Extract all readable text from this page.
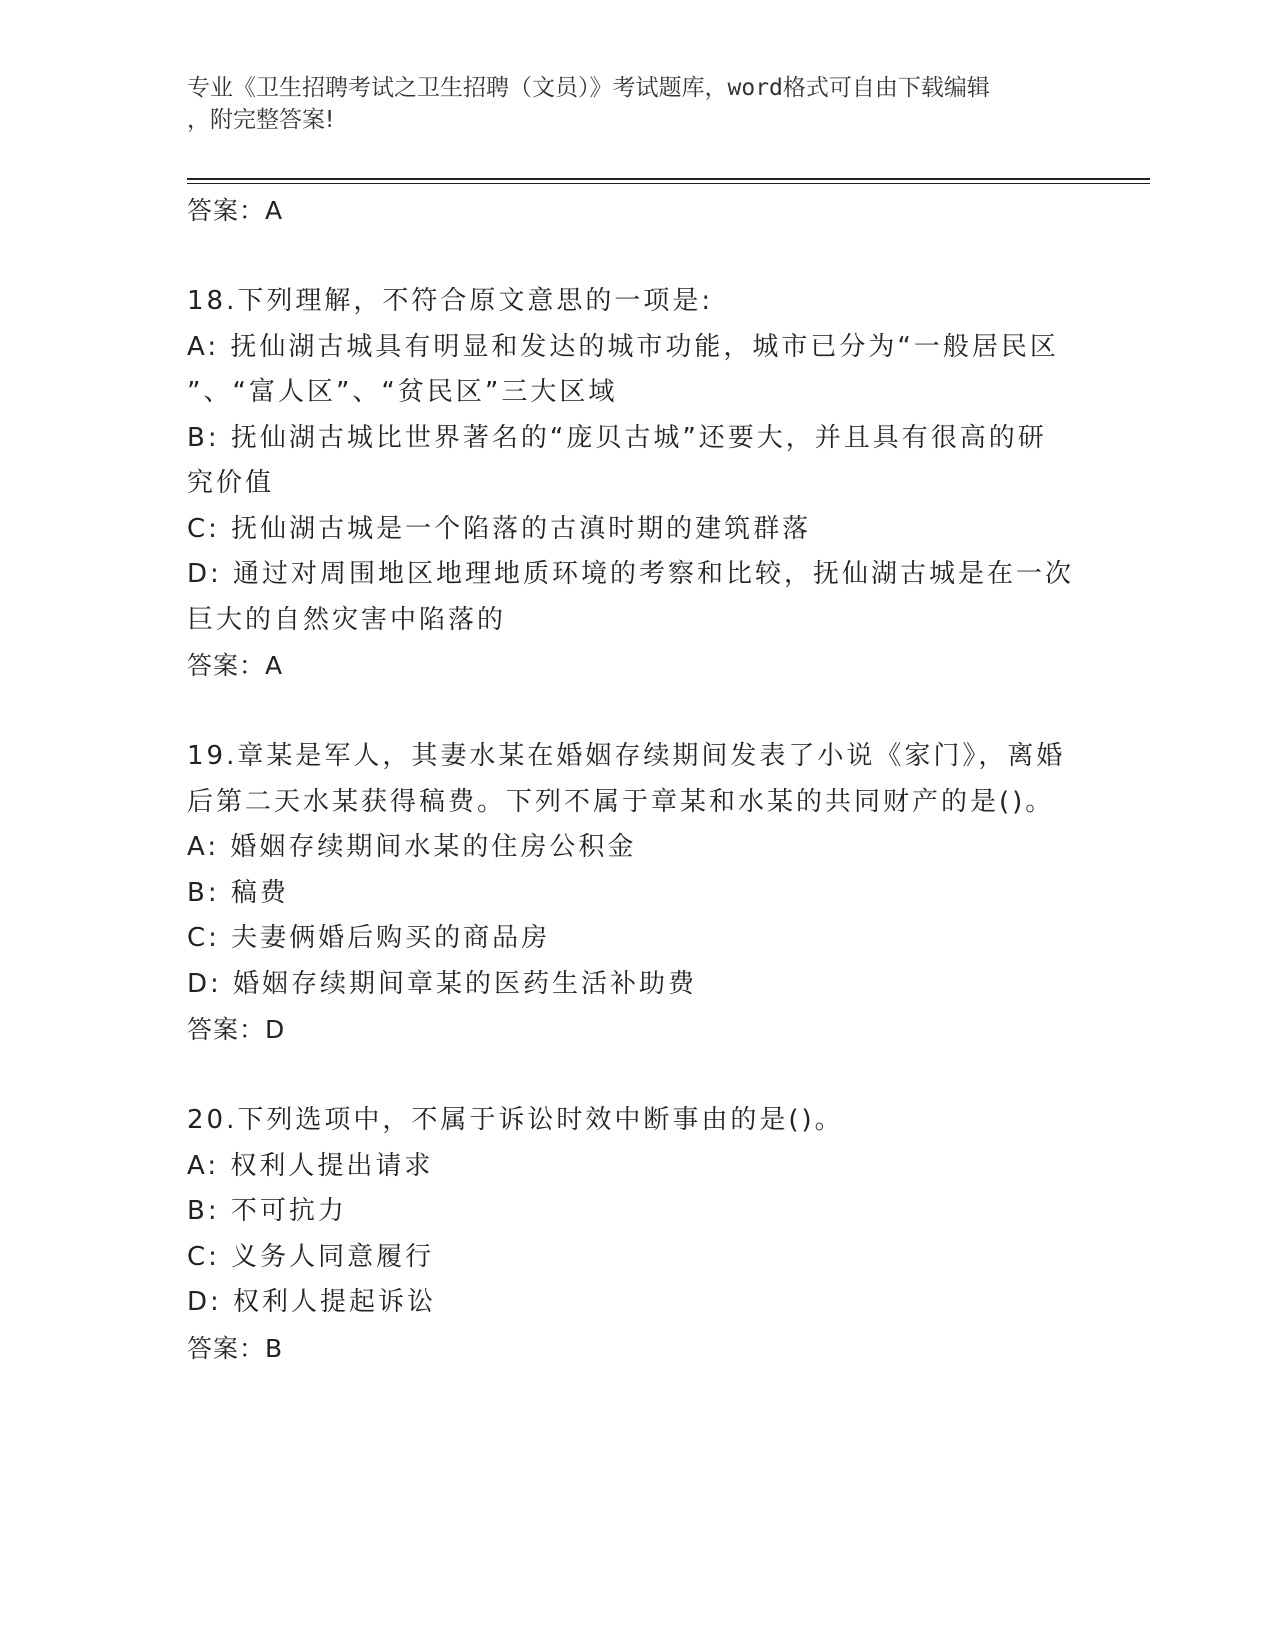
专业《卫生招聘考试之卫生招聘（文员）》考试题库，word格式可自由下载编辑
，附完整答案!
答案：A
18.下列理解，不符合原文意思的一项是:
A: 抚仙湖古城具有明显和发达的城市功能，城市已分为“一般居民区
”、“富人区”、“贫民区”三大区域
B: 抚仙湖古城比世界著名的“庞贝古城”还要大，并且具有很高的研
究价值
C: 抚仙湖古城是一个陷落的古滇时期的建筑群落
D: 通过对周围地区地理地质环境的考察和比较，抚仙湖古城是在一次
巨大的自然灾害中陷落的
答案：A
19.章某是军人，其妻水某在婚姻存续期间发表了小说《家门》，离婚
后第二天水某获得稿费。下列不属于章某和水某的共同财产的是()。
A: 婚姻存续期间水某的住房公积金
B: 稿费
C: 夫妻俩婚后购买的商品房
D: 婚姻存续期间章某的医药生活补助费
答案：D
20.下列选项中，不属于诉讼时效中断事由的是()。
A: 权利人提出请求
B: 不可抗力
C: 义务人同意履行
D: 权利人提起诉讼
答案：B
